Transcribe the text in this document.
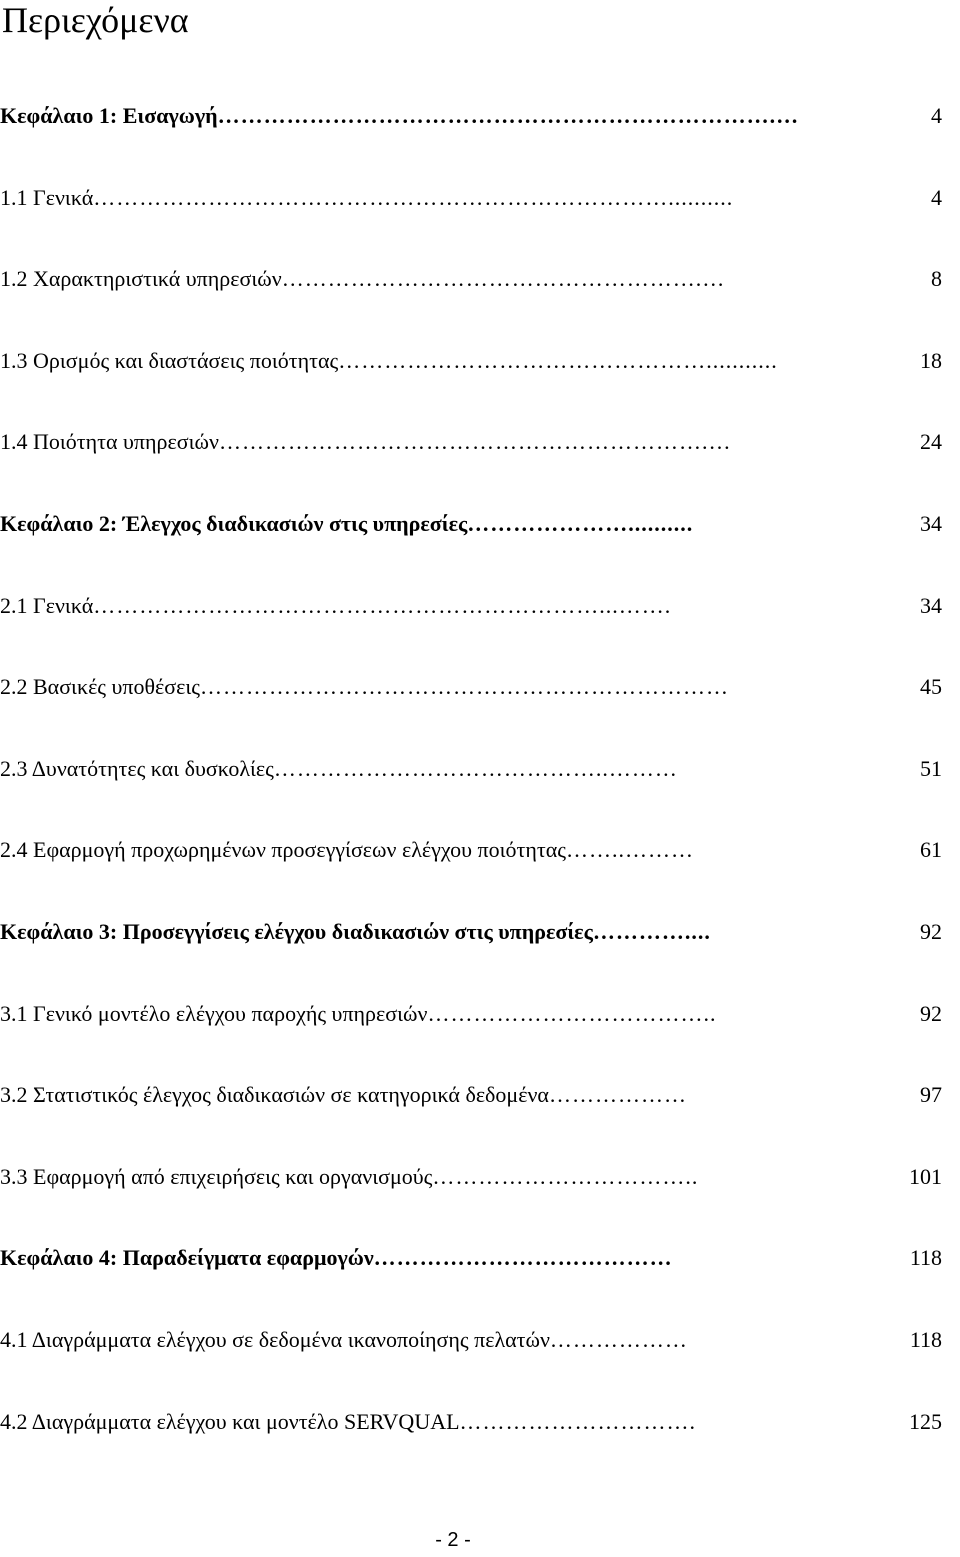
Περιεχόμενα
Κεφάλαιο 1: Εισαγωγή……………………………………………………………….…	4
1.1 Γενικά…………………………………………………………………..........	4
1.2 Χαρακτηριστικά υπηρεσιών……………………………………………….…	8
1.3 Ορισμός και διαστάσεις ποιότητας…………………………………………...........	18
1.4 Ποιότητα υπηρεσιών……………………………………………………….…	24
Κεφάλαιο 2: Έλεγχος διαδικασιών στις υπηρεσίες…………………..........	34
2.1 Γενικά…………………………………………………………...…….	34
2.2 Βασικές υποθέσεις……………………………………………………………	45
2.3 Δυνατότητες και δυσκολίες……………………………………..………	51
2.4 Εφαρμογή προχωρημένων προσεγγίσεων ελέγχου ποιότητας……..………	61
Κεφάλαιο 3: Προσεγγίσεις ελέγχου διαδικασιών στις υπηρεσίες…………....	92
3.1 Γενικό μοντέλο ελέγχου παροχής υπηρεσιών………………………………..	92
3.2 Στατιστικός έλεγχος διαδικασιών σε κατηγορικά δεδομένα………………	97
3.3 Εφαρμογή από επιχειρήσεις και οργανισμούς……………………………..	101
Κεφάλαιο 4: Παραδείγματα εφαρμογών…………………………………	118
4.1 Διαγράμματα ελέγχου σε δεδομένα ικανοποίησης πελατών………………	118
4.2 Διαγράμματα ελέγχου και μοντέλο SERVQUAL………………………….	125
- 2 -
